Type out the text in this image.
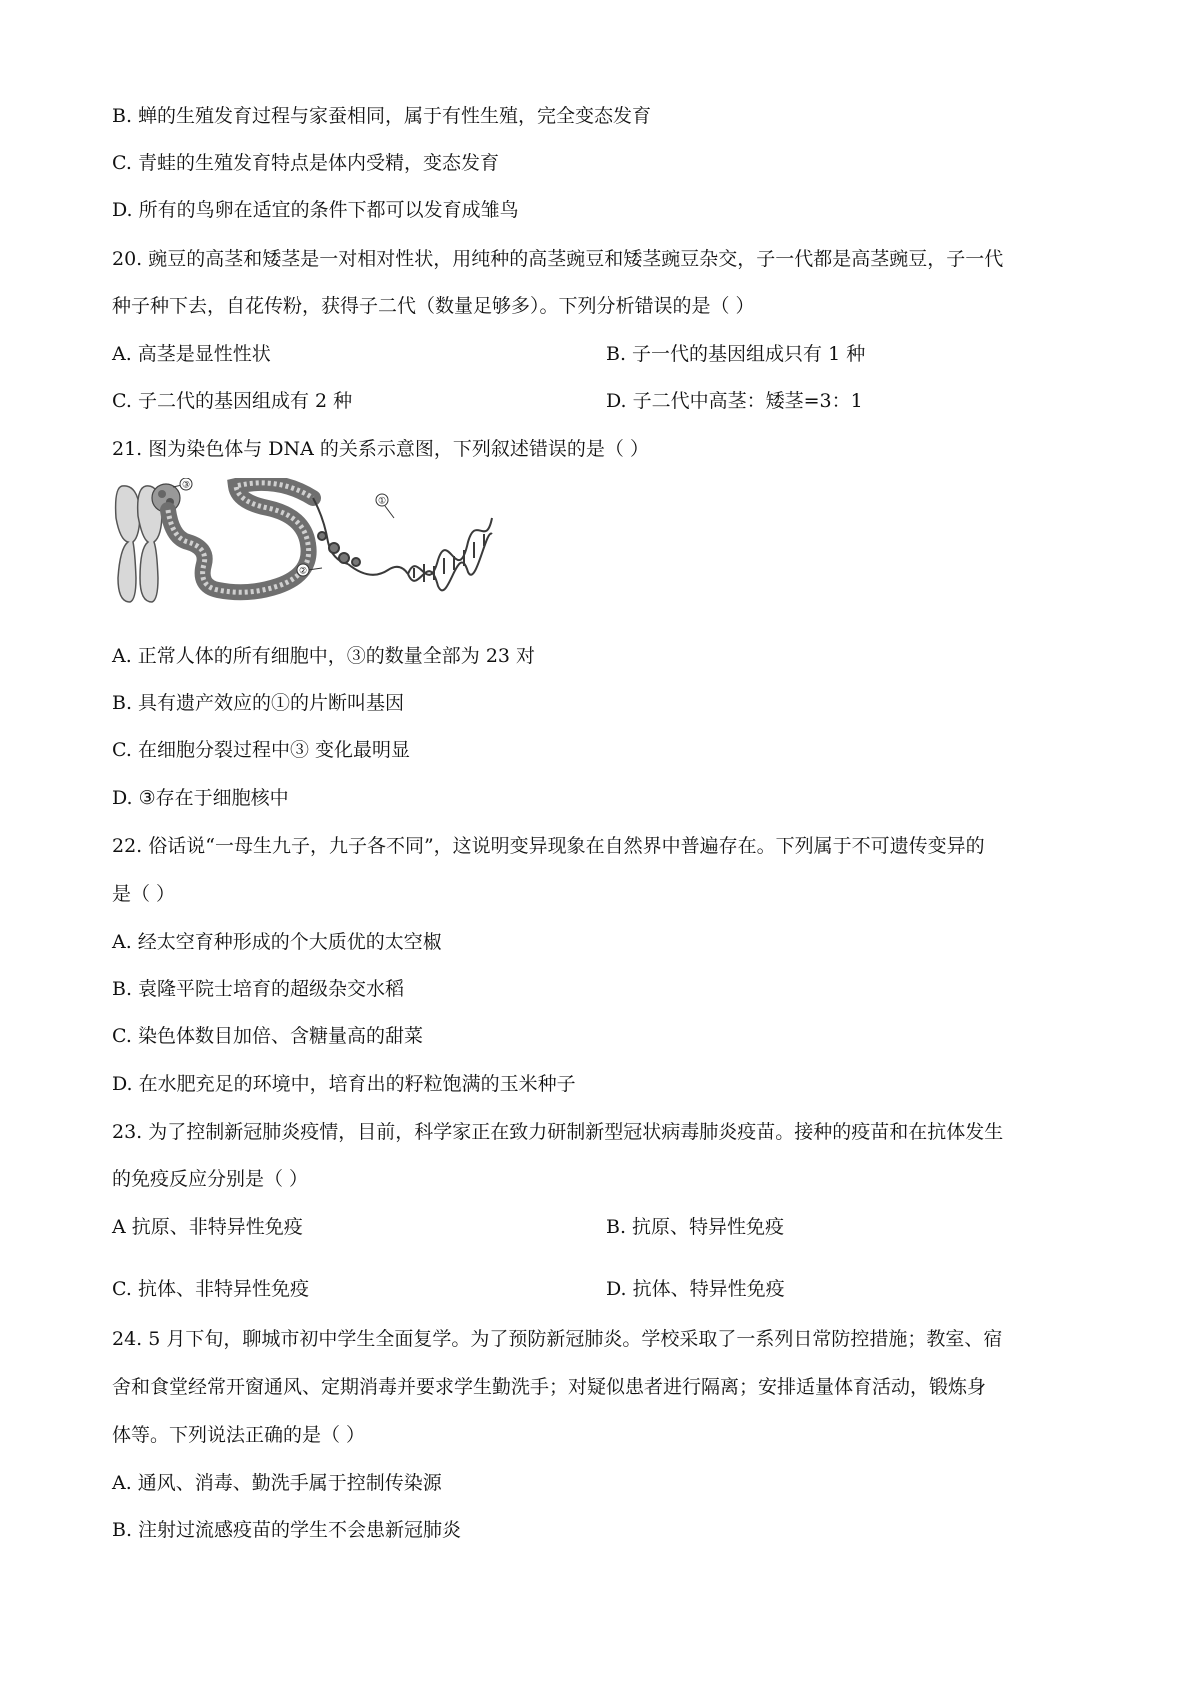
B. 蝉的生殖发育过程与家蚕相同，属于有性生殖，完全变态发育
C. 青蛙的生殖发育特点是体内受精，变态发育
D. 所有的鸟卵在适宜的条件下都可以发育成雏鸟
20. 豌豆的高茎和矮茎是一对相对性状，用纯种的高茎豌豆和矮茎豌豆杂交，子一代都是高茎豌豆，子一代
种子种下去，自花传粉，获得子二代（数量足够多）。下列分析错误的是（ ）
A. 高茎是显性性状	B. 子一代的基因组成只有 1 种
C. 子二代的基因组成有 2 种	D. 子二代中高茎：矮茎=3：1
21. 图为染色体与 DNA 的关系示意图，下列叙述错误的是（ ）
③
①
②
A. 正常人体的所有细胞中，③的数量全部为 23 对
B. 具有遗产效应的①的片断叫基因
C. 在细胞分裂过程中③ 变化最明显
D. ③存在于细胞核中
22. 俗话说“一母生九子，九子各不同”，这说明变异现象在自然界中普遍存在。下列属于不可遗传变异的
是（ ）
A. 经太空育种形成的个大质优的太空椒
B. 袁隆平院士培育的超级杂交水稻
C. 染色体数目加倍、含糖量高的甜菜
D. 在水肥充足的环境中，培育出的籽粒饱满的玉米种子
23. 为了控制新冠肺炎疫情，目前，科学家正在致力研制新型冠状病毒肺炎疫苗。接种的疫苗和在抗体发生
的免疫反应分别是（ ）
A 抗原、非特异性免疫	B. 抗原、特异性免疫
C. 抗体、非特异性免疫	D. 抗体、特异性免疫
24. 5 月下旬，聊城市初中学生全面复学。为了预防新冠肺炎。学校采取了一系列日常防控措施；教室、宿
舍和食堂经常开窗通风、定期消毒并要求学生勤洗手；对疑似患者进行隔离；安排适量体育活动，锻炼身
体等。下列说法正确的是（ ）
A. 通风、消毒、勤洗手属于控制传染源
B. 注射过流感疫苗的学生不会患新冠肺炎
